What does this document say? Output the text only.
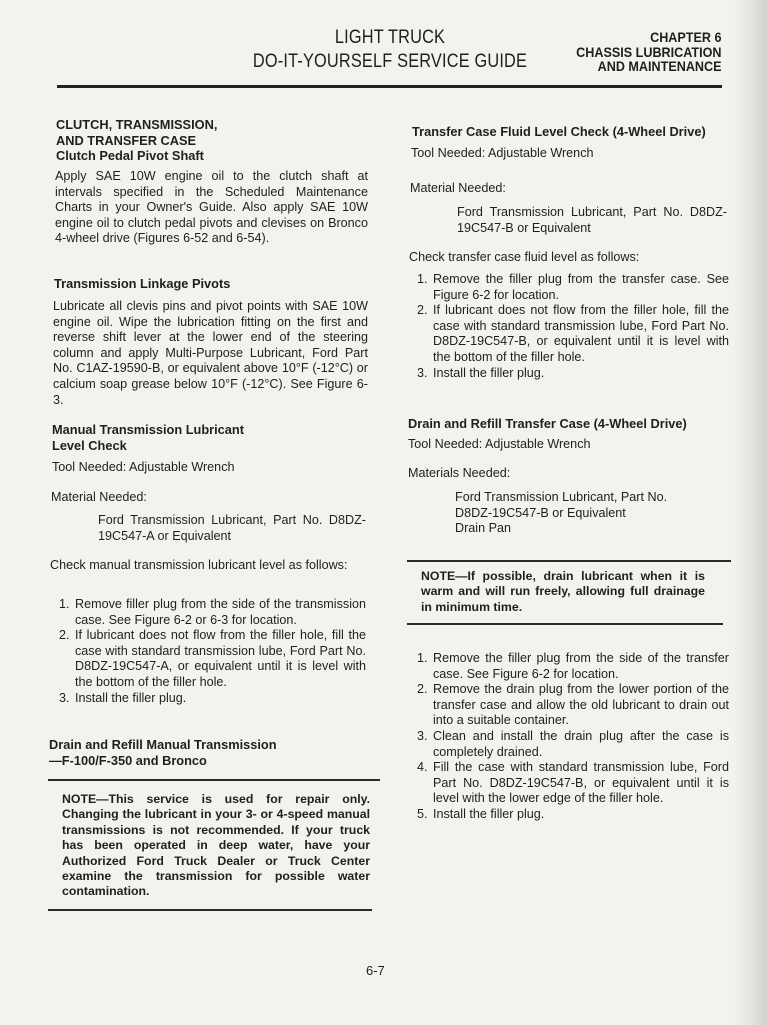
LIGHT TRUCK
DO-IT-YOURSELF SERVICE GUIDE
CHAPTER 6
CHASSIS LUBRICATION
AND MAINTENANCE
CLUTCH, TRANSMISSION,
AND TRANSFER CASE
Clutch Pedal Pivot Shaft
Apply SAE 10W engine oil to the clutch shaft at intervals specified in the Scheduled Maintenance Charts in your Owner's Guide. Also apply SAE 10W engine oil to clutch pedal pivots and clevises on Bronco 4-wheel drive (Figures 6-52 and 6-54).
Transmission Linkage Pivots
Lubricate all clevis pins and pivot points with SAE 10W engine oil. Wipe the lubrication fitting on the first and reverse shift lever at the lower end of the steering column and apply Multi-Purpose Lubricant, Ford Part No. C1AZ-19590-B, or equivalent above 10°F (-12°C) or calcium soap grease below 10°F (-12°C). See Figure 6-3.
Manual Transmission Lubricant
Level Check
Tool Needed: Adjustable Wrench
Material Needed:
Ford Transmission Lubricant, Part No. D8DZ-19C547-A or Equivalent
Check manual transmission lubricant level as follows:
1. Remove filler plug from the side of the transmission case. See Figure 6-2 or 6-3 for location.
2. If lubricant does not flow from the filler hole, fill the case with standard transmission lube, Ford Part No. D8DZ-19C547-A, or equivalent until it is level with the bottom of the filler hole.
3. Install the filler plug.
Drain and Refill Manual Transmission
—F-100/F-350 and Bronco
NOTE—This service is used for repair only. Changing the lubricant in your 3- or 4-speed manual transmissions is not recommended. If your truck has been operated in deep water, have your Authorized Ford Truck Dealer or Truck Center examine the transmission for possible water contamination.
Transfer Case Fluid Level Check (4-Wheel Drive)
Tool Needed: Adjustable Wrench
Material Needed:
Ford Transmission Lubricant, Part No. D8DZ-19C547-B or Equivalent
Check transfer case fluid level as follows:
1. Remove the filler plug from the transfer case. See Figure 6-2 for location.
2. If lubricant does not flow from the filler hole, fill the case with standard transmission lube, Ford Part No. D8DZ-19C547-B, or equivalent until it is level with the bottom of the filler hole.
3. Install the filler plug.
Drain and Refill Transfer Case (4-Wheel Drive)
Tool Needed: Adjustable Wrench
Materials Needed:
Ford Transmission Lubricant, Part No.
D8DZ-19C547-B or Equivalent
Drain Pan
NOTE—If possible, drain lubricant when it is warm and will run freely, allowing full drainage in minimum time.
1. Remove the filler plug from the side of the transfer case. See Figure 6-2 for location.
2. Remove the drain plug from the lower portion of the transfer case and allow the old lubricant to drain out into a suitable container.
3. Clean and install the drain plug after the case is completely drained.
4. Fill the case with standard transmission lube, Ford Part No. D8DZ-19C547-B, or equivalent until it is level with the lower edge of the filler hole.
5. Install the filler plug.
6-7
